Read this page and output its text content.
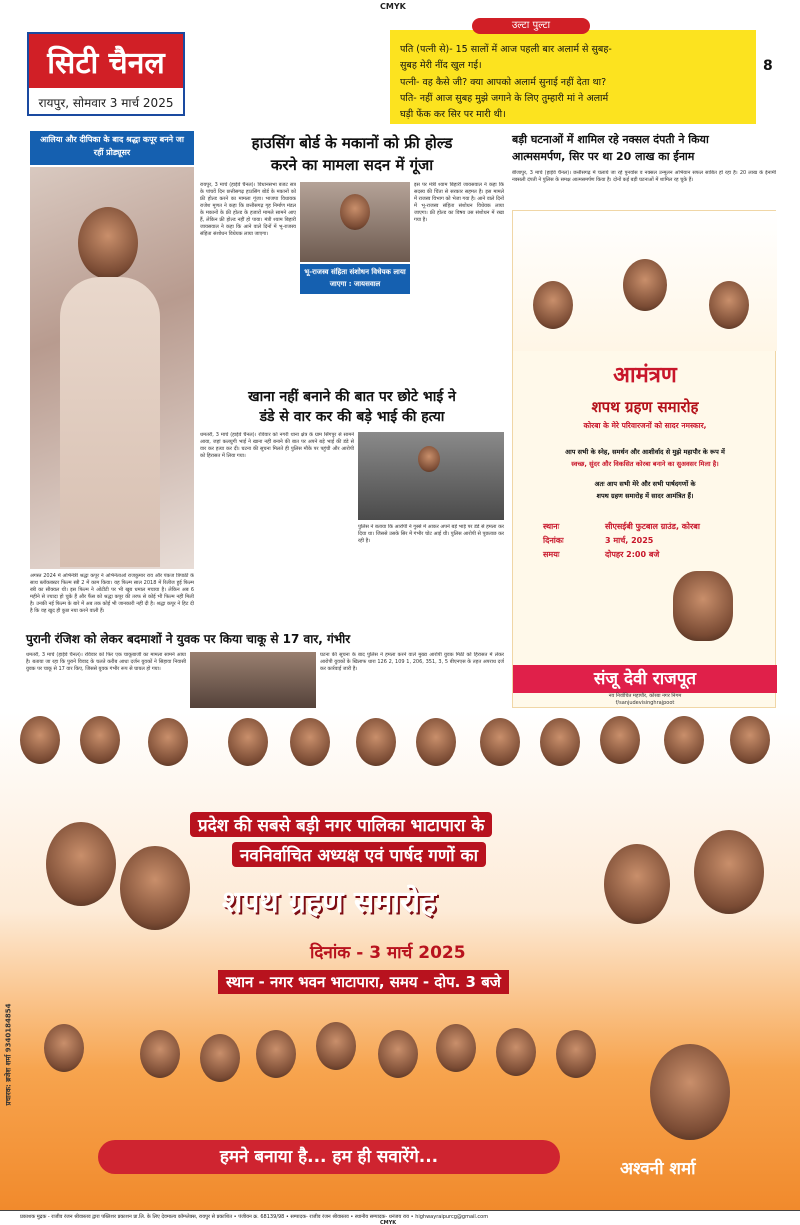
CMYK
सिटी चैनल
रायपुर, सोमवार 3 मार्च 2025
उल्टा पुल्टा
पति (पत्नी से)- 15 सालों में आज पहली बार अलार्म से सुबह-
सुबह मेरी नींद खुल गई।
पत्नी- वह कैसे जी? क्या आपको अलार्म सुनाई नहीं देता था?
पति- नहीं आज सुबह मुझे जगाने के लिए तुम्हारी मां ने अलार्म
घड़ी फेंक कर सिर पर मारी थी।
8
आलिया और दीपिका के बाद श्रद्धा कपूर बनने जा रहीं प्रोड्यूसर
अगस्त 2024 में अभिनेत्री श्रद्धा कपूर ने अभिनेताओं राजकुमार राव और पंकज त्रिपाठी के साथ ब्लॉकबस्टर फिल्म स्त्री 2 में काम किया। यह फिल्म साल 2018 में रिलीज हुई फिल्म स्त्री का सीक्वल थी। इस फिल्म ने ओटीटी पर भी खूब धमाल मचाया है। लेकिन अब 6 महीने से ज्यादा हो चुके हैं और फैंस को श्रद्धा कपूर की तरफ से कोई भी फिल्म नहीं मिली है। उनकी नई फिल्म के बारे में अब तक कोई भी जानकारी नहीं दी है। श्रद्धा कपूर ने हिट दी है कि वह खुद ही कुछ नया करने वाली हैं।
हाउसिंग बोर्ड के मकानों को फ्री होल्ड
करने का मामला सदन में गूंजा
रायपुर, 3 मार्च (हाईवे चैनल)। विधानसभा बजट सत्र के पांचवें दिन छत्तीसगढ़ हाउसिंग बोर्ड के मकानों को फ्री होल्ड करने का मामला गूंजा। भाजपा विधायक राजेश मूणत ने कहा कि छत्तीसगढ़ गृह निर्माण मंडल के मकानों के फ्री होल्ड के हजारों मामले सामने आए हैं, लेकिन फ्री होल्ड नहीं हो पाया। मंत्री श्याम बिहारी जायसवाल ने कहा कि आने वाले दिनों में भू-राजस्व संहिता संशोधन विधेयक लाया जाएगा।
भू-राजस्व संहिता संशोधन विधेयक लाया जाएगा : जायसवाल
इस पर मंत्री श्याम बिहारी जायसवाल ने कहा कि सदस्य की चिंता से सरकार सहमत है। इस मामले में राजस्व विभाग को भेजा गया है। आने वाले दिनों में भू-राजस्व संहिता संशोधन विधेयक लाया जाएगा। फ्री होल्ड का विषय उस संशोधन में रखा गया है।
बड़ी घटनाओं में शामिल रहे नक्सल दंपती ने किया
आत्मसमर्पण, सिर पर था 20 लाख का ईनाम
बीजापुर, 3 मार्च (हाईवे चैनल)। छत्तीसगढ़ में चलाये जा रहे पुनर्वास व नक्सल उन्मूलन अभियान सफल साबित हो रहा है। 20 लाख के ईनामी नक्सली दंपती ने पुलिस के समक्ष आत्मसमर्पण किया है। दोनों कई बड़ी घटनाओं में शामिल रह चुके हैं।
आमंत्रण
शपथ ग्रहण समारोह
कोरबा के मेरे परिवारजनों को सादर नमस्कार,
आप सभी के स्नेह, समर्थन और आशीर्वाद से मुझे महापौर के रूप में
स्वच्छ, सुंदर और विकसित कोरबा बनाने का सुअवसर मिला है।
अतः आप सभी मेरे और सभी पार्षदगणों के
शपथ ग्रहण समारोह में सादर आमंत्रित हैं।
स्थानः	सीएसईबी फुटबाल ग्राउंड, कोरबा
दिनांकः	3 मार्च, 2025
समयः	दोपहर 2:00 बजे
संजू देवी राजपूत
नव निर्वाचित महापौर, कोरबा नगर निगम
f/sanjudevisinghrajpoot
खाना नहीं बनाने की बात पर छोटे भाई ने
डंडे से वार कर की बड़े भाई की हत्या
धमतरी, 3 मार्च (हाईवे चैनल)। रविवार को नगरी थाना क्षेत्र के ग्राम सिंगपुर से सामने आया, जहां कलयुगी भाई ने खाना नहीं बनाने की बात पर अपने बड़े भाई की डंडे से वार कर हत्या कर दी। घटना की सूचना मिलते ही पुलिस मौके पर पहुंची और आरोपी को हिरासत में लिया गया।
पुलिस ने बताया कि आरोपी ने गुस्से में आकर अपने बड़े भाई पर डंडे से हमला कर दिया था। जिससे उसके सिर में गंभीर चोट आई थी। पुलिस आरोपी से पूछताछ कर रही है।
पुरानी रंजिश को लेकर बदमाशों ने युवक पर किया चाकू से 17 वार, गंभीर
धमतरी, 3 मार्च (हाईवे चैनल)। रविवार को फिर एक चाकूबाजी का मामला सामने आया है। बताया जा रहा कि पुराने विवाद के चलते करीब आधा दर्जन युवकों ने सिहावा निवासी युवक पर चाकू से 17 वार किए, जिससे युवक गंभीर रूप से घायल हो गया।
घटना की सूचना के बाद पुलिस ने हमला करने वाले मुख्य आरोपी युवक मिठी को हिरासत में लेकर आरोपी युवकों के खिलाफ धारा 126 2, 109 1, 206, 351, 3, 5 बीएनएस के तहत अपराध दर्ज कर कार्रवाई जारी है।
प्रदेश की सबसे बड़ी नगर पालिका भाटापारा के
नवनिर्वाचित अध्यक्ष एवं पार्षद गणों का
शपथ ग्रहण समारोह
दिनांक - 3 मार्च 2025
स्थान - नगर भवन भाटापारा, समय - दोप. 3 बजे
हमने बनाया है... हम ही सवारेंगे...
अश्वनी शर्मा
प्रचारक: ब्रजेश शर्मा 9340184854
प्रकाशक मुद्रक - राजीव रंजन श्रीवास्तव द्वारा पब्लिशर प्रकाशन प्रा.लि. के लिए देवमाल्य कॉम्प्लेक्स, रायपुर से प्रकाशित • पंजीयन क्र. 68139/98 • सम्पादक- राजीव रंजन श्रीवास्तव • स्थानीय सम्पादक- धनंजय राय • highwayraipurcg@gmail.com
CMYK
